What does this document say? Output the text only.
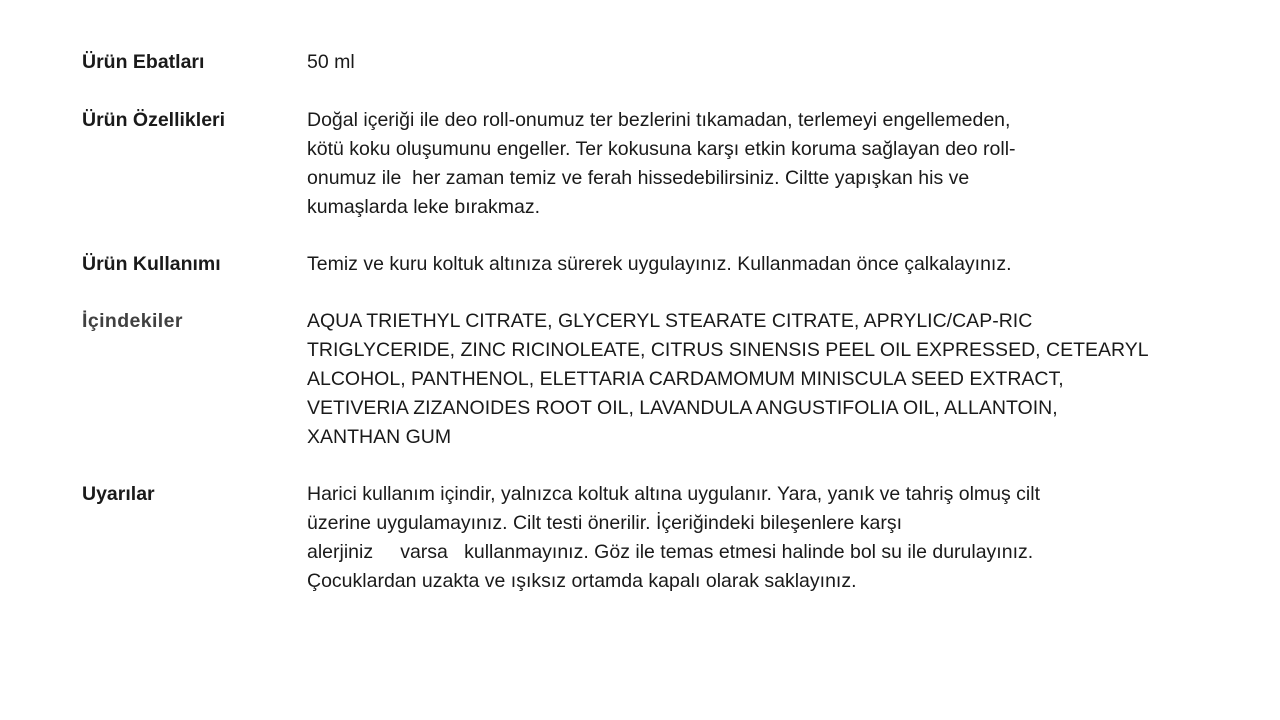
Ürün Ebatları	50 ml
Ürün Özellikleri	Doğal içeriği ile deo roll-onumuz ter bezlerini tıkamadan, terlemeyi engellemeden,
kötü koku oluşumunu engeller. Ter kokusuna karşı etkin koruma sağlayan deo roll-
onumuz ile  her zaman temiz ve ferah hissedebilirsiniz. Ciltte yapışkan his ve
kumaşlarda leke bırakmaz.
Ürün Kullanımı	Temiz ve kuru koltuk altınıza sürerek uygulayınız. Kullanmadan önce çalkalayınız.
İçindekiler	AQUA TRIETHYL CITRATE, GLYCERYL STEARATE CITRATE, APRYLIC/CAP-RIC
TRIGLYCERIDE, ZINC RICINOLEATE, CITRUS SINENSIS PEEL OIL EXPRESSED, CETEARYL
ALCOHOL, PANTHENOL, ELETTARIA CARDAMOMUM MINISCULA SEED EXTRACT,
VETIVERIA ZIZANOIDES ROOT OIL, LAVANDULA ANGUSTIFOLIA OIL, ALLANTOIN,
XANTHAN GUM
Uyarılar	Harici kullanım içindir, yalnızca koltuk altına uygulanır. Yara, yanık ve tahriş olmuş cilt
üzerine uygulamayınız. Cilt testi önerilir. İçeriğindeki bileşenlere karşı
alerjiniz     varsa   kullanmayınız. Göz ile temas etmesi halinde bol su ile durulayınız.
Çocuklardan uzakta ve ışıksız ortamda kapalı olarak saklayınız.
